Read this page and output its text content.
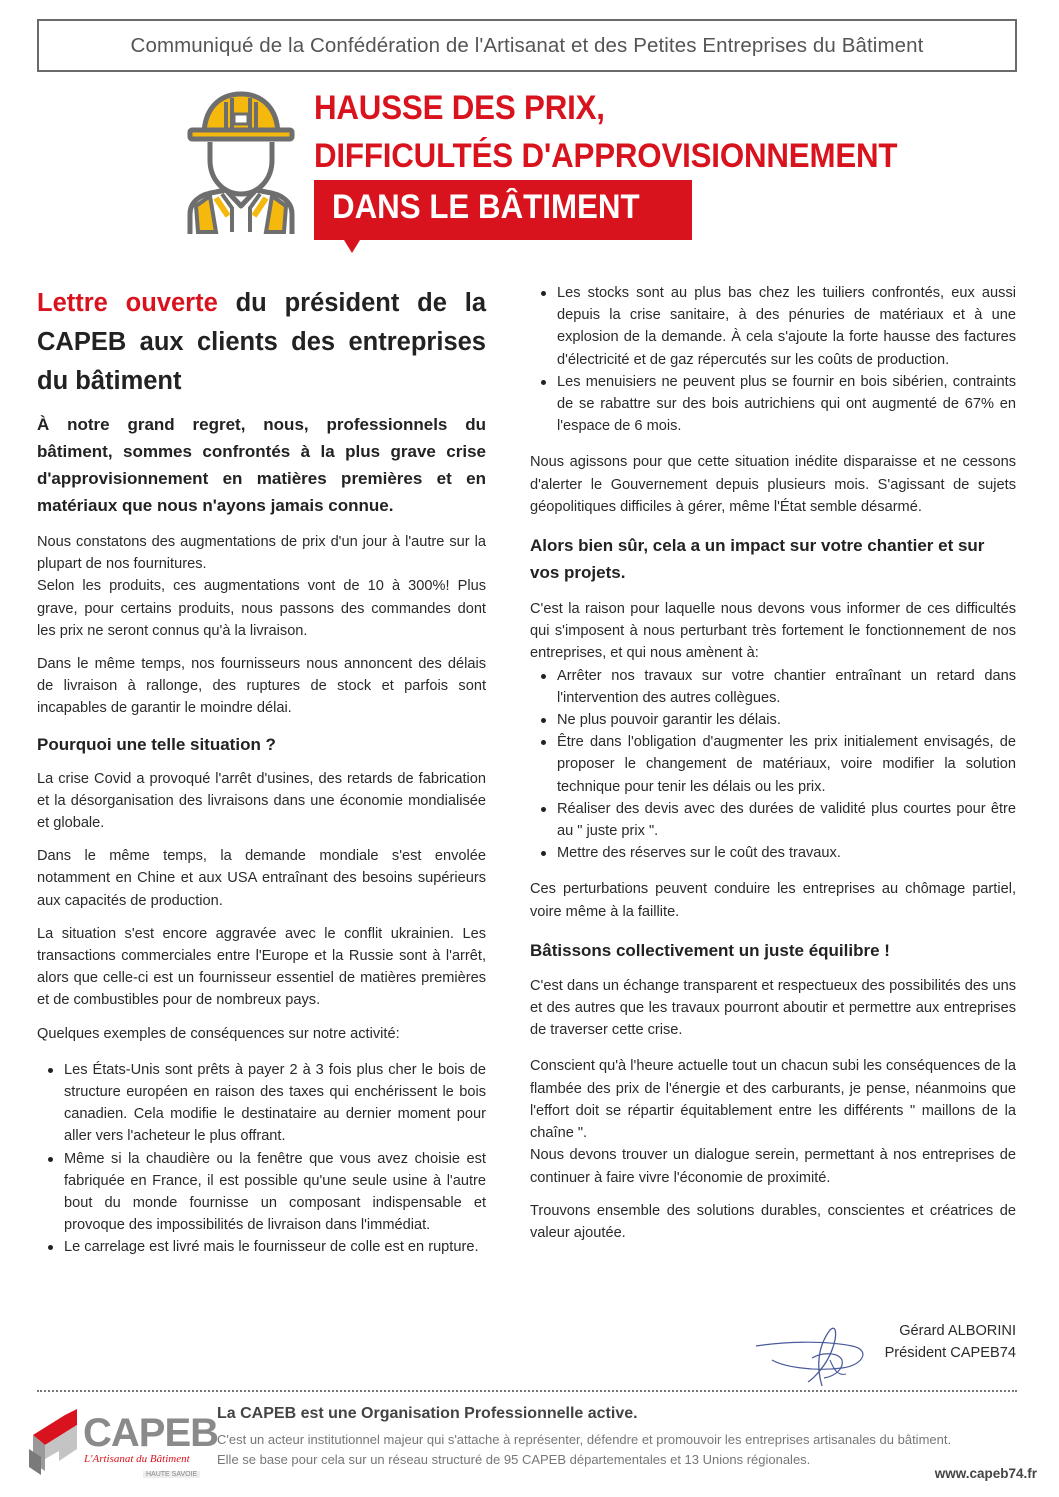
Communiqué de la Confédération de l'Artisanat et des Petites Entreprises du Bâtiment
HAUSSE DES PRIX,
DIFFICULTÉS D'APPROVISIONNEMENT
DANS LE BÂTIMENT
Lettre ouverte du président de la CAPEB aux clients des entreprises du bâtiment
À notre grand regret, nous, professionnels du bâtiment, sommes confrontés à la plus grave crise d'approvisionnement en matières premières et en matériaux que nous n'ayons jamais connue.

Nous constatons des augmentations de prix d'un jour à l'autre sur la plupart de nos fournitures.
Selon les produits, ces augmentations vont de 10 à 300%! Plus grave, pour certains produits, nous passons des commandes dont les prix ne seront connus qu'à la livraison.

Dans le même temps, nos fournisseurs nous annoncent des délais de livraison à rallonge, des ruptures de stock et parfois sont incapables de garantir le moindre délai.

Pourquoi une telle situation ?

La crise Covid a provoqué l'arrêt d'usines, des retards de fabrication et la désorganisation des livraisons dans une économie mondialisée et globale.

Dans le même temps, la demande mondiale s'est envolée notamment en Chine et aux USA entraînant des besoins supérieurs aux capacités de production.

La situation s'est encore aggravée avec le conflit ukrainien. Les transactions commerciales entre l'Europe et la Russie sont à l'arrêt, alors que celle-ci est un fournisseur essentiel de matières premières et de combustibles pour de nombreux pays.

Quelques exemples de conséquences sur notre activité:

Les États-Unis sont prêts à payer 2 à 3 fois plus cher le bois de structure européen en raison des taxes qui enchérissent le bois canadien. Cela modifie le destinataire au dernier moment pour aller vers l'acheteur le plus offrant.
Même si la chaudière ou la fenêtre que vous avez choisie est fabriquée en France, il est possible qu'une seule usine à l'autre bout du monde fournisse un composant indispensable et provoque des impossibilités de livraison dans l'immédiat.
Le carrelage est livré mais le fournisseur de colle est en rupture.
Les stocks sont au plus bas chez les tuiliers confrontés, eux aussi depuis la crise sanitaire, à des pénuries de matériaux et à une explosion de la demande. À cela s'ajoute la forte hausse des factures d'électricité et de gaz répercutés sur les coûts de production.
Les menuisiers ne peuvent plus se fournir en bois sibérien, contraints de se rabattre sur des bois autrichiens qui ont augmenté de 67% en l'espace de 6 mois.

Nous agissons pour que cette situation inédite disparaisse et ne cessons d'alerter le Gouvernement depuis plusieurs mois. S'agissant de sujets géopolitiques difficiles à gérer, même l'État semble désarmé.

Alors bien sûr, cela a un impact sur votre chantier et sur vos projets.

C'est la raison pour laquelle nous devons vous informer de ces difficultés qui s'imposent à nous perturbant très fortement le fonctionnement de nos entreprises, et qui nous amènent à:

Arrêter nos travaux sur votre chantier entraînant un retard dans l'intervention des autres collègues.
Ne plus pouvoir garantir les délais.
Être dans l'obligation d'augmenter les prix initialement envisagés, de proposer le changement de matériaux, voire modifier la solution technique pour tenir les délais ou les prix.
Réaliser des devis avec des durées de validité plus courtes pour être au " juste prix ".
Mettre des réserves sur le coût des travaux.

Ces perturbations peuvent conduire les entreprises au chômage partiel, voire même à la faillite.

Bâtissons collectivement un juste équilibre !

C'est dans un échange transparent et respectueux des possibilités des uns et des autres que les travaux pourront aboutir et permettre aux entreprises de traverser cette crise.

Conscient qu'à l'heure actuelle tout un chacun subi les conséquences de la flambée des prix de l'énergie et des carburants, je pense, néanmoins que l'effort doit se répartir équitablement entre les différents " maillons de la chaîne ".
Nous devons trouver un dialogue serein, permettant à nos entreprises de continuer à faire vivre l'économie de proximité.

Trouvons ensemble des solutions durables, conscientes et créatrices de valeur ajoutée.

Gérard ALBORINI
Président CAPEB74
CAPEB
L'Artisanat du Bâtiment
HAUTE SAVOIE
La CAPEB est une Organisation Professionnelle active.
C'est un acteur institutionnel majeur qui s'attache à représenter, défendre et promouvoir les entreprises artisanales du bâtiment.
Elle se base pour cela sur un réseau structuré de 95 CAPEB départementales et 13 Unions régionales.
www.capeb74.fr
